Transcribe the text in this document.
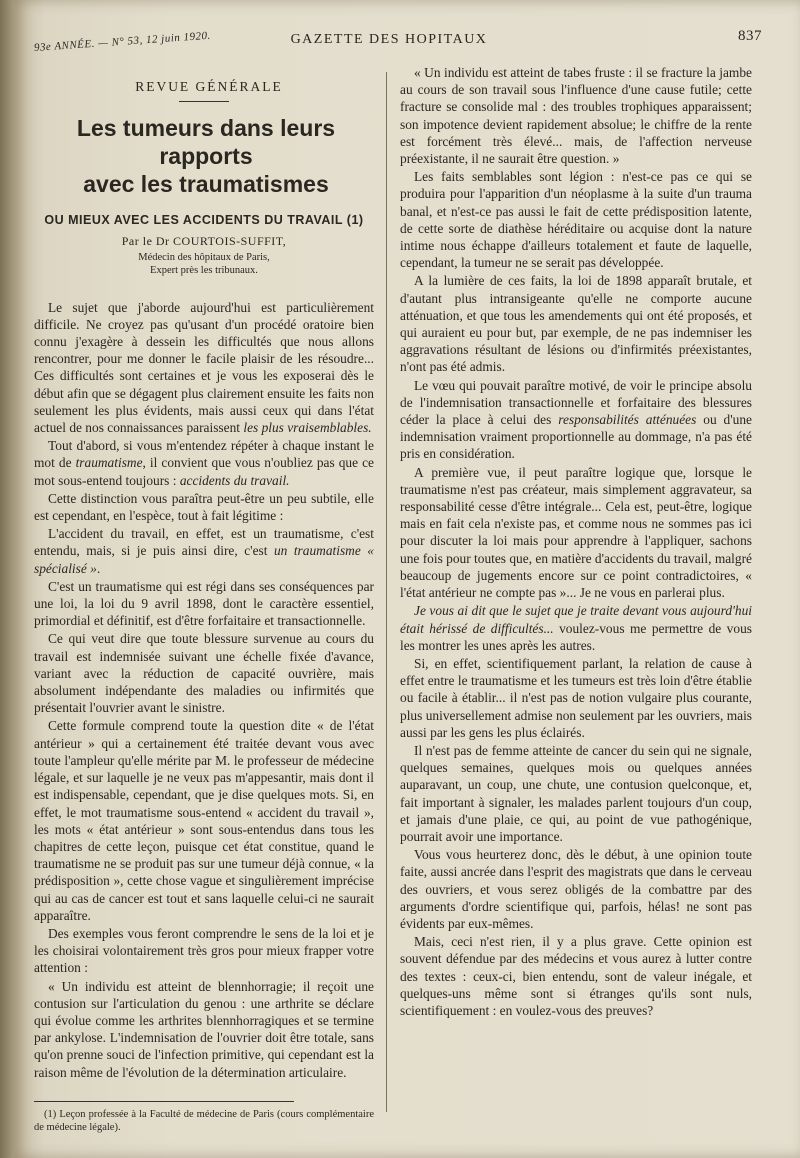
93e ANNÉE. — N° 53, 12 juin 1920.	GAZETTE DES HOPITAUX	837
REVUE GÉNÉRALE
Les tumeurs dans leurs rapports
avec les traumatismes
OU MIEUX AVEC LES ACCIDENTS DU TRAVAIL (1)
Par le Dr COURTOIS-SUFFIT,
Médecin des hôpitaux de Paris,
Expert près les tribunaux.

Le sujet que j'aborde aujourd'hui est particulièrement difficile. Ne croyez pas qu'usant d'un procédé oratoire bien connu j'exagère à dessein les difficultés que nous allons rencontrer, pour me donner le facile plaisir de les résoudre... Ces difficultés sont certaines et je vous les exposerai dès le début afin que se dégagent plus clairement ensuite les faits non seulement les plus évidents, mais aussi ceux qui dans l'état actuel de nos connaissances paraissent les plus vraisemblables.

Tout d'abord, si vous m'entendez répéter à chaque instant le mot de traumatisme, il convient que vous n'oubliez pas que ce mot sous-entend toujours : accidents du travail.

Cette distinction vous paraîtra peut-être un peu subtile, elle est cependant, en l'espèce, tout à fait légitime :

L'accident du travail, en effet, est un traumatisme, c'est entendu, mais, si je puis ainsi dire, c'est un traumatisme « spécialisé ».

C'est un traumatisme qui est régi dans ses conséquences par une loi, la loi du 9 avril 1898, dont le caractère essentiel, primordial et définitif, est d'être forfaitaire et transactionnelle.

Ce qui veut dire que toute blessure survenue au cours du travail est indemnisée suivant une échelle fixée d'avance, variant avec la réduction de capacité ouvrière, mais absolument indépendante des maladies ou infirmités que présentait l'ouvrier avant le sinistre.

Cette formule comprend toute la question dite « de l'état antérieur » qui a certainement été traitée devant vous avec toute l'ampleur qu'elle mérite par M. le professeur de médecine légale, et sur laquelle je ne veux pas m'appesantir, mais dont il est indispensable, cependant, que je dise quelques mots. Si, en effet, le mot traumatisme sous-entend « accident du travail », les mots « état antérieur » sont sous-entendus dans tous les chapitres de cette leçon, puisque cet état constitue, quand le traumatisme ne se produit pas sur une tumeur déjà connue, « la prédisposition », cette chose vague et singulièrement imprécise qui au cas de cancer est tout et sans laquelle celui-ci ne saurait apparaître.

Des exemples vous feront comprendre le sens de la loi et je les choisirai volontairement très gros pour mieux frapper votre attention :

« Un individu est atteint de blennhorragie; il reçoit une contusion sur l'articulation du genou : une arthrite se déclare qui évolue comme les arthrites blennhorragiques et se termine par ankylose. L'indemnisation de l'ouvrier doit être totale, sans qu'on prenne souci de l'infection primitive, qui cependant est la raison même de l'évolution de la détermination articulaire.

(1) Leçon professée à la Faculté de médecine de Paris (cours complémentaire de médecine légale).

« Un individu est atteint de tabes fruste : il se fracture la jambe au cours de son travail sous l'influence d'une cause futile; cette fracture se consolide mal : des troubles trophiques apparaissent; son impotence devient rapidement absolue; le chiffre de la rente est forcément très élevé... mais, de l'affection nerveuse préexistante, il ne saurait être question. »

Les faits semblables sont légion : n'est-ce pas ce qui se produira pour l'apparition d'un néoplasme à la suite d'un trauma banal, et n'est-ce pas aussi le fait de cette prédisposition latente, de cette sorte de diathèse héréditaire ou acquise dont la nature intime nous échappe d'ailleurs totalement et faute de laquelle, cependant, la tumeur ne se serait pas développée.

A la lumière de ces faits, la loi de 1898 apparaît brutale, et d'autant plus intransigeante qu'elle ne comporte aucune atténuation, et que tous les amendements qui ont été proposés, et qui auraient eu pour but, par exemple, de ne pas indemniser les aggravations résultant de lésions ou d'infirmités préexistantes, n'ont pas été admis.

Le vœu qui pouvait paraître motivé, de voir le principe absolu de l'indemnisation transactionnelle et forfaitaire des blessures céder la place à celui des responsabilités atténuées ou d'une indemnisation vraiment proportionnelle au dommage, n'a pas été pris en considération.

A première vue, il peut paraître logique que, lorsque le traumatisme n'est pas créateur, mais simplement aggravateur, sa responsabilité cesse d'être intégrale... Cela est, peut-être, logique mais en fait cela n'existe pas, et comme nous ne sommes pas ici pour discuter la loi mais pour apprendre à l'appliquer, sachons une fois pour toutes que, en matière d'accidents du travail, malgré beaucoup de jugements encore sur ce point contradictoires, « l'état antérieur ne compte pas »... Je ne vous en parlerai plus.

Je vous ai dit que le sujet que je traite devant vous aujourd'hui était hérissé de difficultés... voulez-vous me permettre de vous les montrer les unes après les autres.

Si, en effet, scientifiquement parlant, la relation de cause à effet entre le traumatisme et les tumeurs est très loin d'être établie ou facile à établir... il n'est pas de notion vulgaire plus courante, plus universellement admise non seulement par les ouvriers, mais aussi par les gens les plus éclairés.

Il n'est pas de femme atteinte de cancer du sein qui ne signale, quelques semaines, quelques mois ou quelques années auparavant, un coup, une chute, une contusion quelconque, et, fait important à signaler, les malades parlent toujours d'un coup, et jamais d'une plaie, ce qui, au point de vue pathogénique, pourrait avoir une importance.

Vous vous heurterez donc, dès le début, à une opinion toute faite, aussi ancrée dans l'esprit des magistrats que dans le cerveau des ouvriers, et vous serez obligés de la combattre par des arguments d'ordre scientifique qui, parfois, hélas! ne sont pas évidents par eux-mêmes.

Mais, ceci n'est rien, il y a plus grave. Cette opinion est souvent défendue par des médecins et vous aurez à lutter contre des textes : ceux-ci, bien entendu, sont de valeur inégale, et quelques-uns même sont si étranges qu'ils sont nuls, scientifiquement : en voulez-vous des preuves?
